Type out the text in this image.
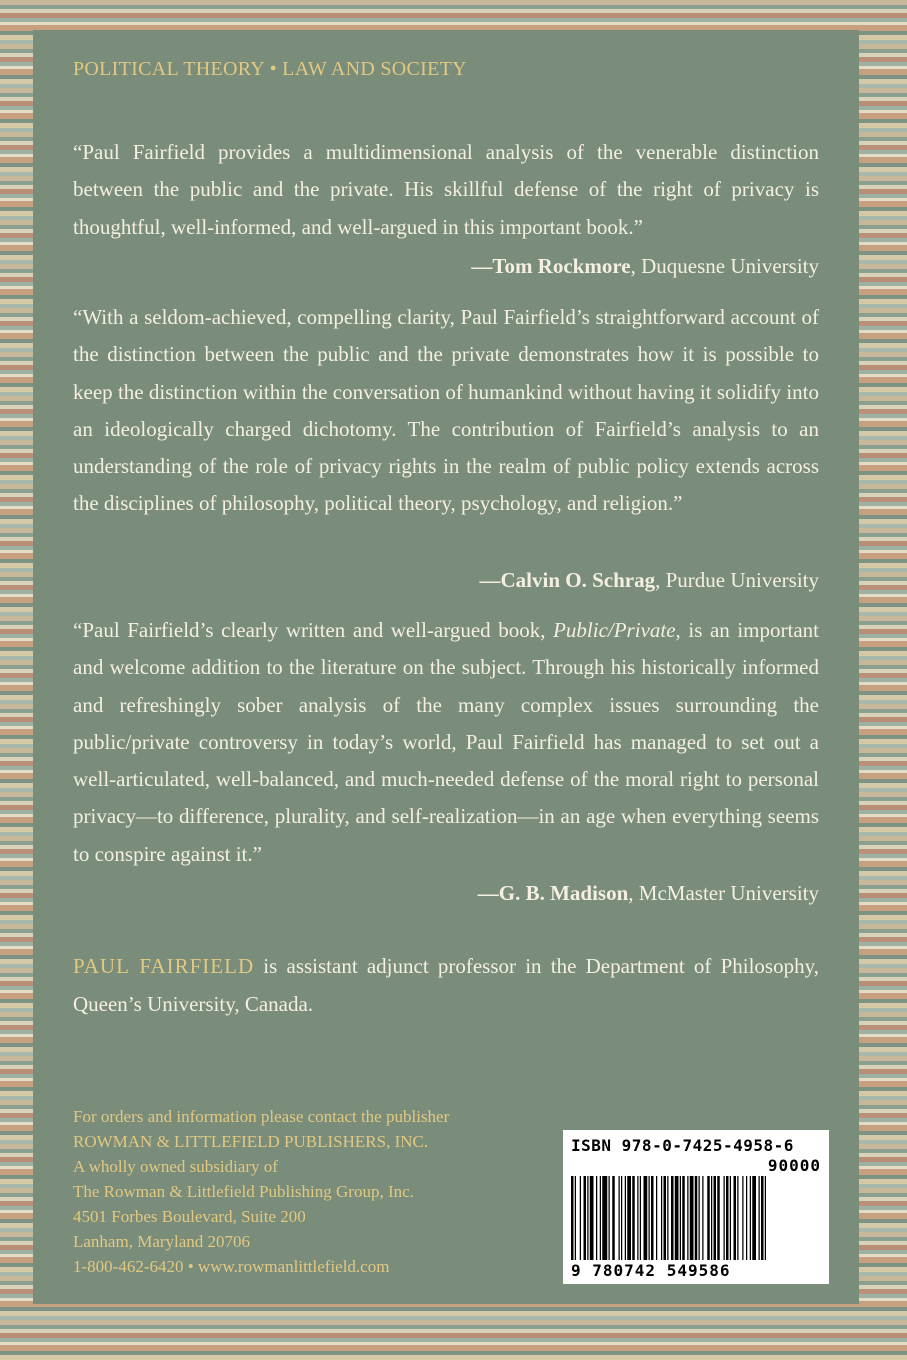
POLITICAL THEORY • LAW AND SOCIETY

“Paul Fairfield provides a multidimensional analysis of the venerable distinction between the public and the private. His skillful defense of the right of privacy is thoughtful, well-informed, and well-argued in this important book.”

—Tom Rockmore, Duquesne University

“With a seldom-achieved, compelling clarity, Paul Fairfield’s straightforward account of the distinction between the public and the private demonstrates how it is possible to keep the distinction within the conversation of humankind without having it solidify into an ideologically charged dichotomy. The contribution of Fairfield’s analysis to an understanding of the role of privacy rights in the realm of public policy extends across the disciplines of philosophy, political theory, psychology, and religion.”

—Calvin O. Schrag, Purdue University

“Paul Fairfield’s clearly written and well-argued book, Public/Private, is an important and welcome addition to the literature on the subject. Through his historically informed and refreshingly sober analysis of the many complex issues surrounding the public/private controversy in today’s world, Paul Fairfield has managed to set out a well-articulated, well-balanced, and much-needed defense of the moral right to personal privacy—to difference, plurality, and self-realization—in an age when everything seems to conspire against it.”

—G. B. Madison, McMaster University

PAUL FAIRFIELD is assistant adjunct professor in the Department of Philosophy, Queen’s University, Canada.

For orders and information please contact the publisher
ROWMAN & LITTLEFIELD PUBLISHERS, INC.
A wholly owned subsidiary of
The Rowman & Littlefield Publishing Group, Inc.
4501 Forbes Boulevard, Suite 200
Lanham, Maryland 20706
1-800-462-6420 • www.rowmanlittlefield.com
ISBN 978-0-7425-4958-6
90000
9 780742 549586
